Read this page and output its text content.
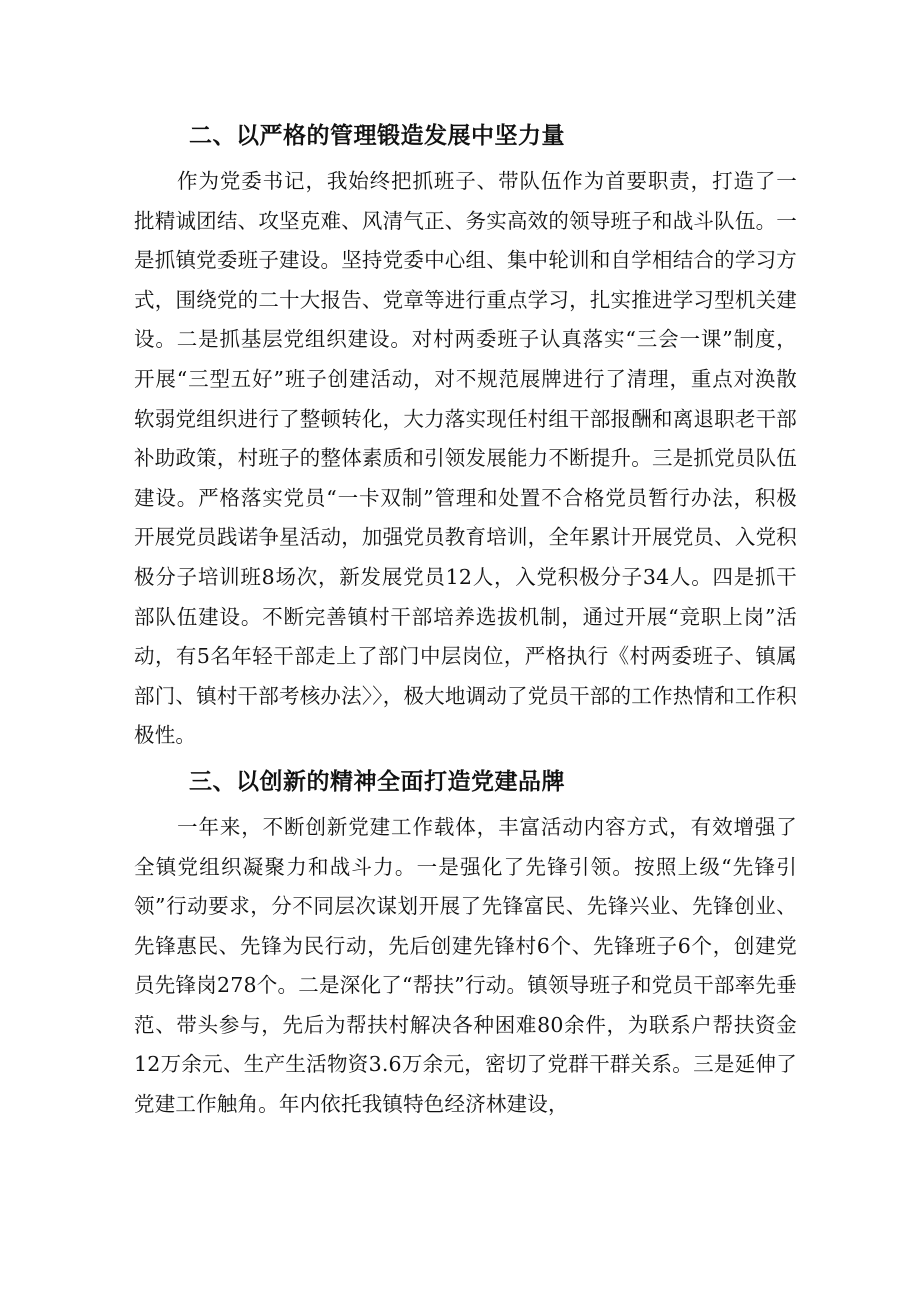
二、以严格的管理锻造发展中坚力量

作为党委书记，我始终把抓班子、带队伍作为首要职责，打造了一批精诚团结、攻坚克难、风清气正、务实高效的领导班子和战斗队伍。一是抓镇党委班子建设。坚持党委中心组、集中轮训和自学相结合的学习方式，围绕党的二十大报告、党章等进行重点学习，扎实推进学习型机关建设。二是抓基层党组织建设。对村两委班子认真落实“三会一课”制度，开展“三型五好”班子创建活动，对不规范展牌进行了清理，重点对涣散软弱党组织进行了整顿转化，大力落实现任村组干部报酬和离退职老干部补助政策，村班子的整体素质和引领发展能力不断提升。三是抓党员队伍建设。严格落实党员“一卡双制”管理和处置不合格党员暂行办法，积极开展党员践诺争星活动，加强党员教育培训，全年累计开展党员、入党积极分子培训班8场次，新发展党员12人，入党积极分子34人。四是抓干部队伍建设。不断完善镇村干部培养选拔机制，通过开展“竞职上岗”活动，有5名年轻干部走上了部门中层岗位，严格执行《村两委班子、镇属部门、镇村干部考核办法〉〉，极大地调动了党员干部的工作热情和工作积极性。

三、以创新的精神全面打造党建品牌

一年来，不断创新党建工作载体，丰富活动内容方式，有效增强了全镇党组织凝聚力和战斗力。一是强化了先锋引领。按照上级“先锋引领”行动要求，分不同层次谋划开展了先锋富民、先锋兴业、先锋创业、先锋惠民、先锋为民行动，先后创建先锋村6个、先锋班子6个，创建党员先锋岗278个。二是深化了“帮扶”行动。镇领导班子和党员干部率先垂范、带头参与，先后为帮扶村解决各种困难80余件，为联系户帮扶资金12万余元、生产生活物资3.6万余元，密切了党群干群关系。三是延伸了党建工作触角。年内依托我镇特色经济林建设，
